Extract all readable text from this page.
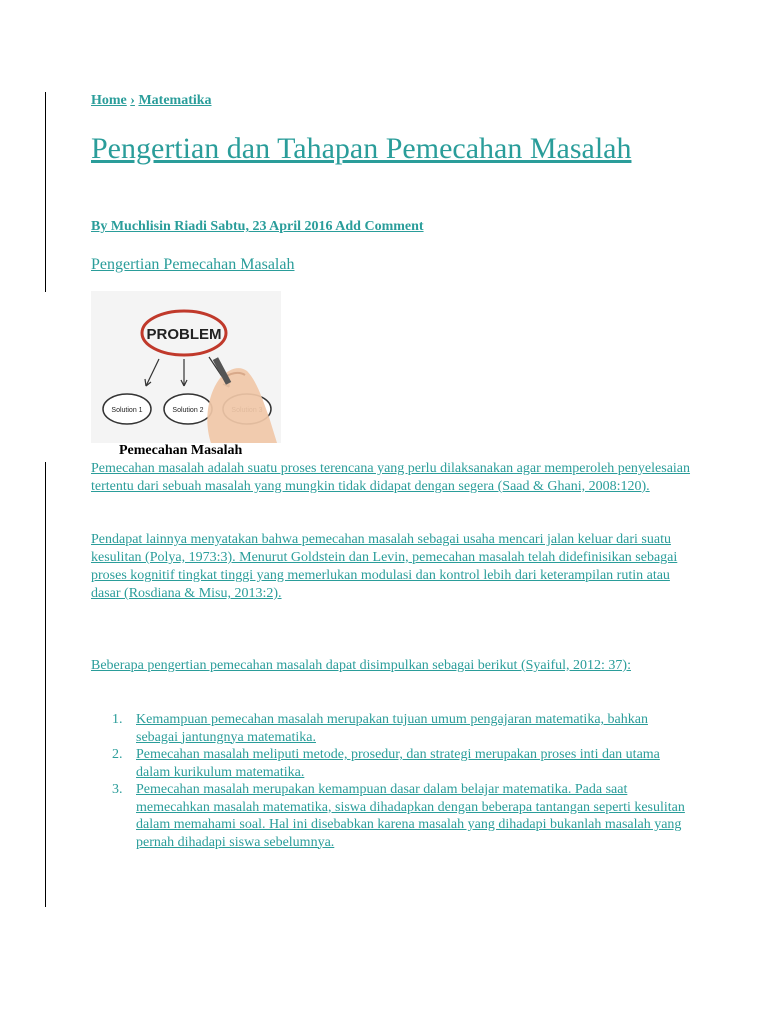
Home › Matematika
Pengertian dan Tahapan Pemecahan Masalah
By Muchlisin Riadi Sabtu, 23 April 2016 Add Comment
Pengertian Pemecahan Masalah
PROBLEM
Solution 1	Solution 2
Pemecahan Masalah

Pemecahan masalah adalah suatu proses terencana yang perlu dilaksanakan agar memperoleh penyelesaian tertentu dari sebuah masalah yang mungkin tidak didapat dengan segera (Saad & Ghani, 2008:120).

Pendapat lainnya menyatakan bahwa pemecahan masalah sebagai usaha mencari jalan keluar dari suatu kesulitan (Polya, 1973:3). Menurut Goldstein dan Levin, pemecahan masalah telah didefinisikan sebagai proses kognitif tingkat tinggi yang memerlukan modulasi dan kontrol lebih dari keterampilan rutin atau dasar (Rosdiana & Misu, 2013:2).

Beberapa pengertian pemecahan masalah dapat disimpulkan sebagai berikut (Syaiful, 2012: 37):

1. Kemampuan pemecahan masalah merupakan tujuan umum pengajaran matematika, bahkan sebagai jantungnya matematika.
2. Pemecahan masalah meliputi metode, prosedur, dan strategi merupakan proses inti dan utama dalam kurikulum matematika.
3. Pemecahan masalah merupakan kemampuan dasar dalam belajar matematika. Pada saat memecahkan masalah matematika, siswa dihadapkan dengan beberapa tantangan seperti kesulitan dalam memahami soal. Hal ini disebabkan karena masalah yang dihadapi bukanlah masalah yang pernah dihadapi siswa sebelumnya.
